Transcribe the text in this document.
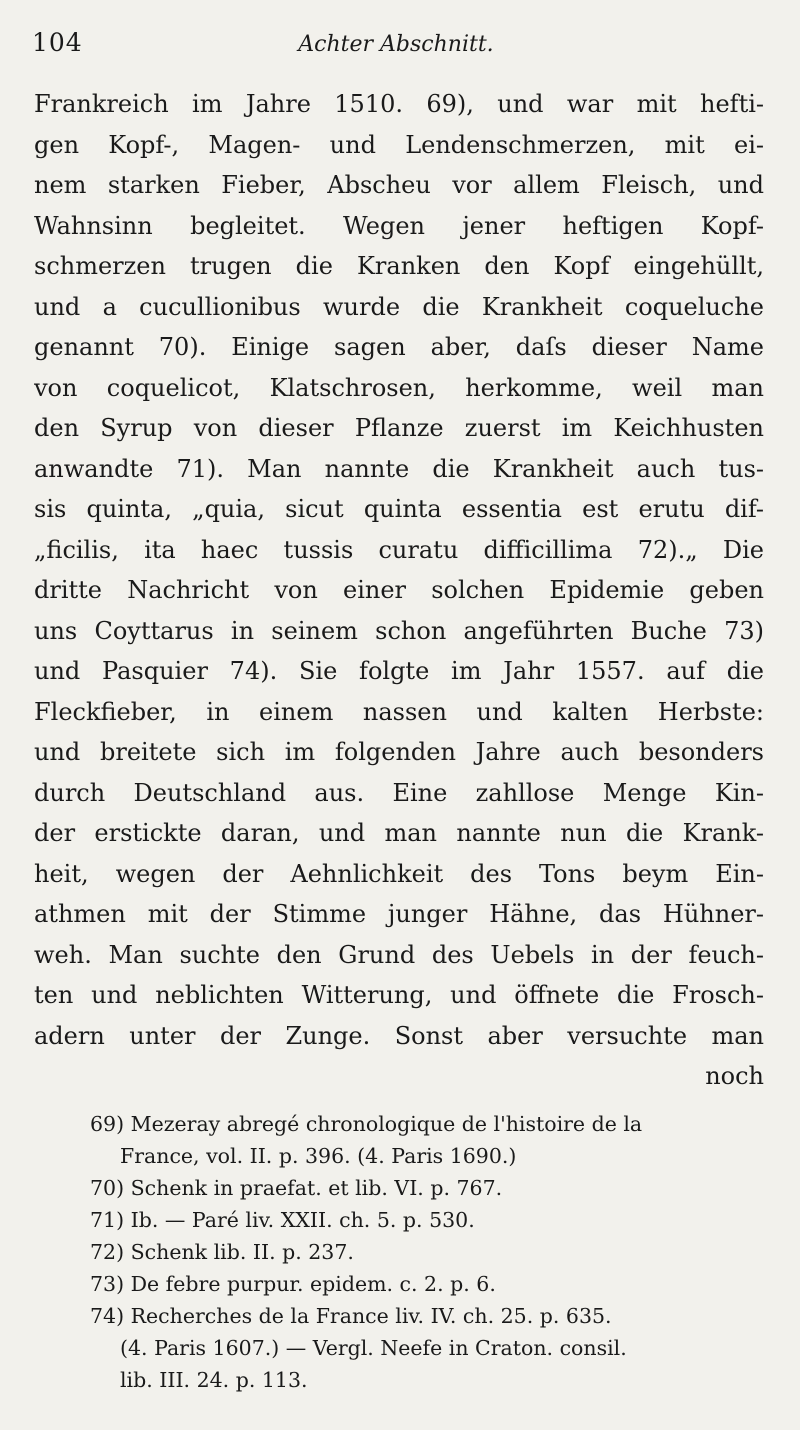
104	Achter Abschnitt.
Frankreich im Jahre 1510. 69), und war mit hefti-
gen Kopf-, Magen- und Lendenschmerzen, mit ei-
nem starken Fieber, Abscheu vor allem Fleisch, und
Wahnsinn begleitet. Wegen jener heftigen Kopf-
schmerzen trugen die Kranken den Kopf eingehüllt,
und a cucullionibus wurde die Krankheit coqueluche
genannt 70). Einige sagen aber, daſs dieser Name
von coquelicot, Klatschrosen, herkomme, weil man
den Syrup von dieser Pflanze zuerst im Keichhusten
anwandte 71). Man nannte die Krankheit auch tus-
sis quinta, „quia, sicut quinta essentia est erutu dif-
„ficilis, ita haec tussis curatu difficillima 72).„ Die
dritte Nachricht von einer solchen Epidemie geben
uns Coyttarus in seinem schon angeführten Buche 73)
und Pasquier 74). Sie folgte im Jahr 1557. auf die
Fleckfieber, in einem nassen und kalten Herbste:
und breitete sich im folgenden Jahre auch besonders
durch Deutschland aus. Eine zahllose Menge Kin-
der erstickte daran, und man nannte nun die Krank-
heit, wegen der Aehnlichkeit des Tons beym Ein-
athmen mit der Stimme junger Hähne, das Hühner-
weh. Man suchte den Grund des Uebels in der feuch-
ten und neblichten Witterung, und öffnete die Frosch-
adern unter der Zunge. Sonst aber versuchte man
noch
69) Mezeray abregé chronologique de l'histoire de la
France, vol. II. p. 396. (4. Paris 1690.)
70) Schenk in praefat. et lib. VI. p. 767.
71) Ib. — Paré liv. XXII. ch. 5. p. 530.
72) Schenk lib. II. p. 237.
73) De febre purpur. epidem. c. 2. p. 6.
74) Recherches de la France liv. IV. ch. 25. p. 635.
(4. Paris 1607.) — Vergl. Neefe in Craton. consil.
lib. III. 24. p. 113.
